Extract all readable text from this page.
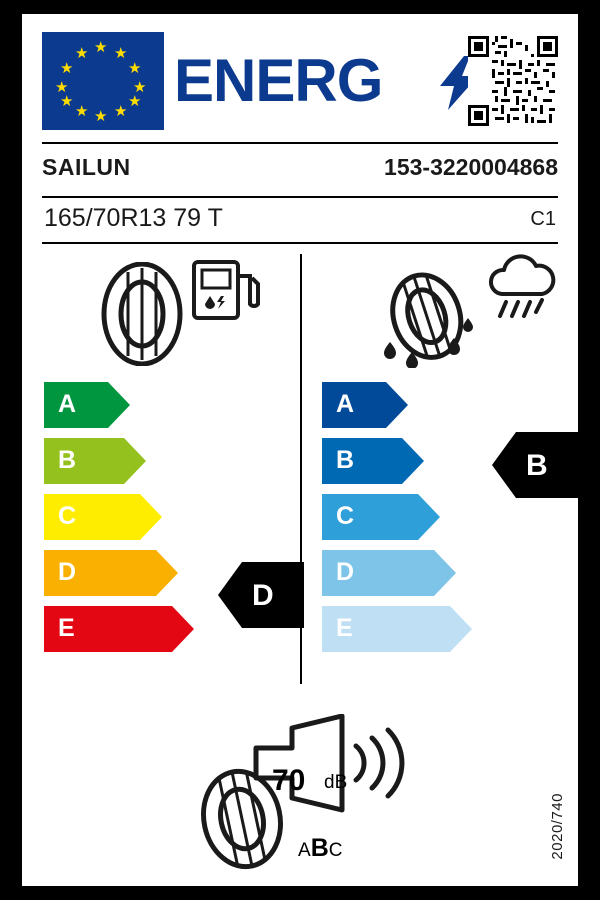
★ ★
★
★
★
★
★
★
★
★
★
★ ENERG
SAILUN	153-3220004868
165/70R13 79 T	C1
A
B
C
D
E
A
B
C
D
E
D
B
70 dB
ABC	2020/740
